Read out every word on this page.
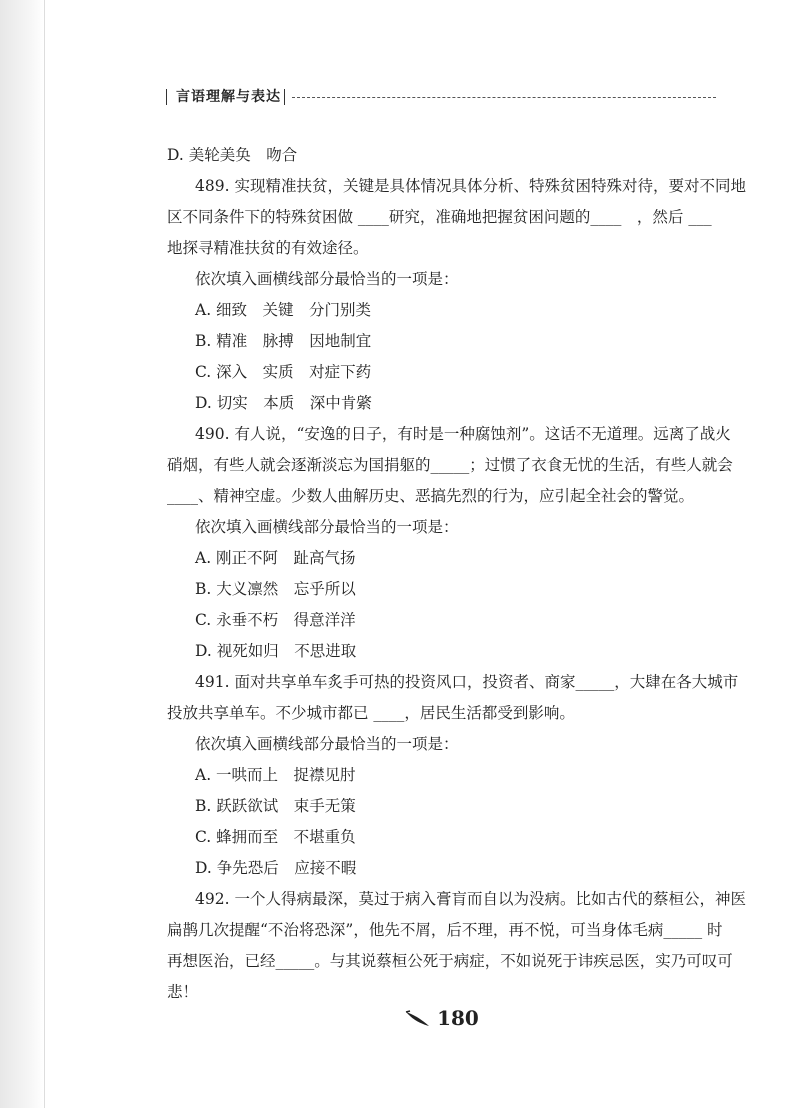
言语理解与表达
D. 美轮美奂　吻合
489. 实现精准扶贫，关键是具体情况具体分析、特殊贫困特殊对待，要对不同地
区不同条件下的特殊贫困做 ____研究，准确地把握贫困问题的____　，然后 ___
地探寻精准扶贫的有效途径。
依次填入画横线部分最恰当的一项是：
A. 细致　关键　分门别类
B. 精准　脉搏　因地制宜
C. 深入　实质　对症下药
D. 切实　本质　深中肯綮
490. 有人说，“安逸的日子，有时是一种腐蚀剂”。这话不无道理。远离了战火
硝烟，有些人就会逐渐淡忘为国捐躯的_____；过惯了衣食无忧的生活，有些人就会
____、精神空虚。少数人曲解历史、恶搞先烈的行为，应引起全社会的警觉。
依次填入画横线部分最恰当的一项是：
A. 刚正不阿　趾高气扬
B. 大义凛然　忘乎所以
C. 永垂不朽　得意洋洋
D. 视死如归　不思进取
491. 面对共享单车炙手可热的投资风口，投资者、商家_____，大肆在各大城市
投放共享单车。不少城市都已 ____，居民生活都受到影响。
依次填入画横线部分最恰当的一项是：
A. 一哄而上　捉襟见肘
B. 跃跃欲试　束手无策
C. 蜂拥而至　不堪重负
D. 争先恐后　应接不暇
492. 一个人得病最深，莫过于病入膏肓而自以为没病。比如古代的蔡桓公，神医
扁鹊几次提醒“不治将恐深”，他先不屑，后不理，再不悦，可当身体毛病_____ 时
再想医治，已经_____。与其说蔡桓公死于病症，不如说死于讳疾忌医，实乃可叹可
悲！
180
